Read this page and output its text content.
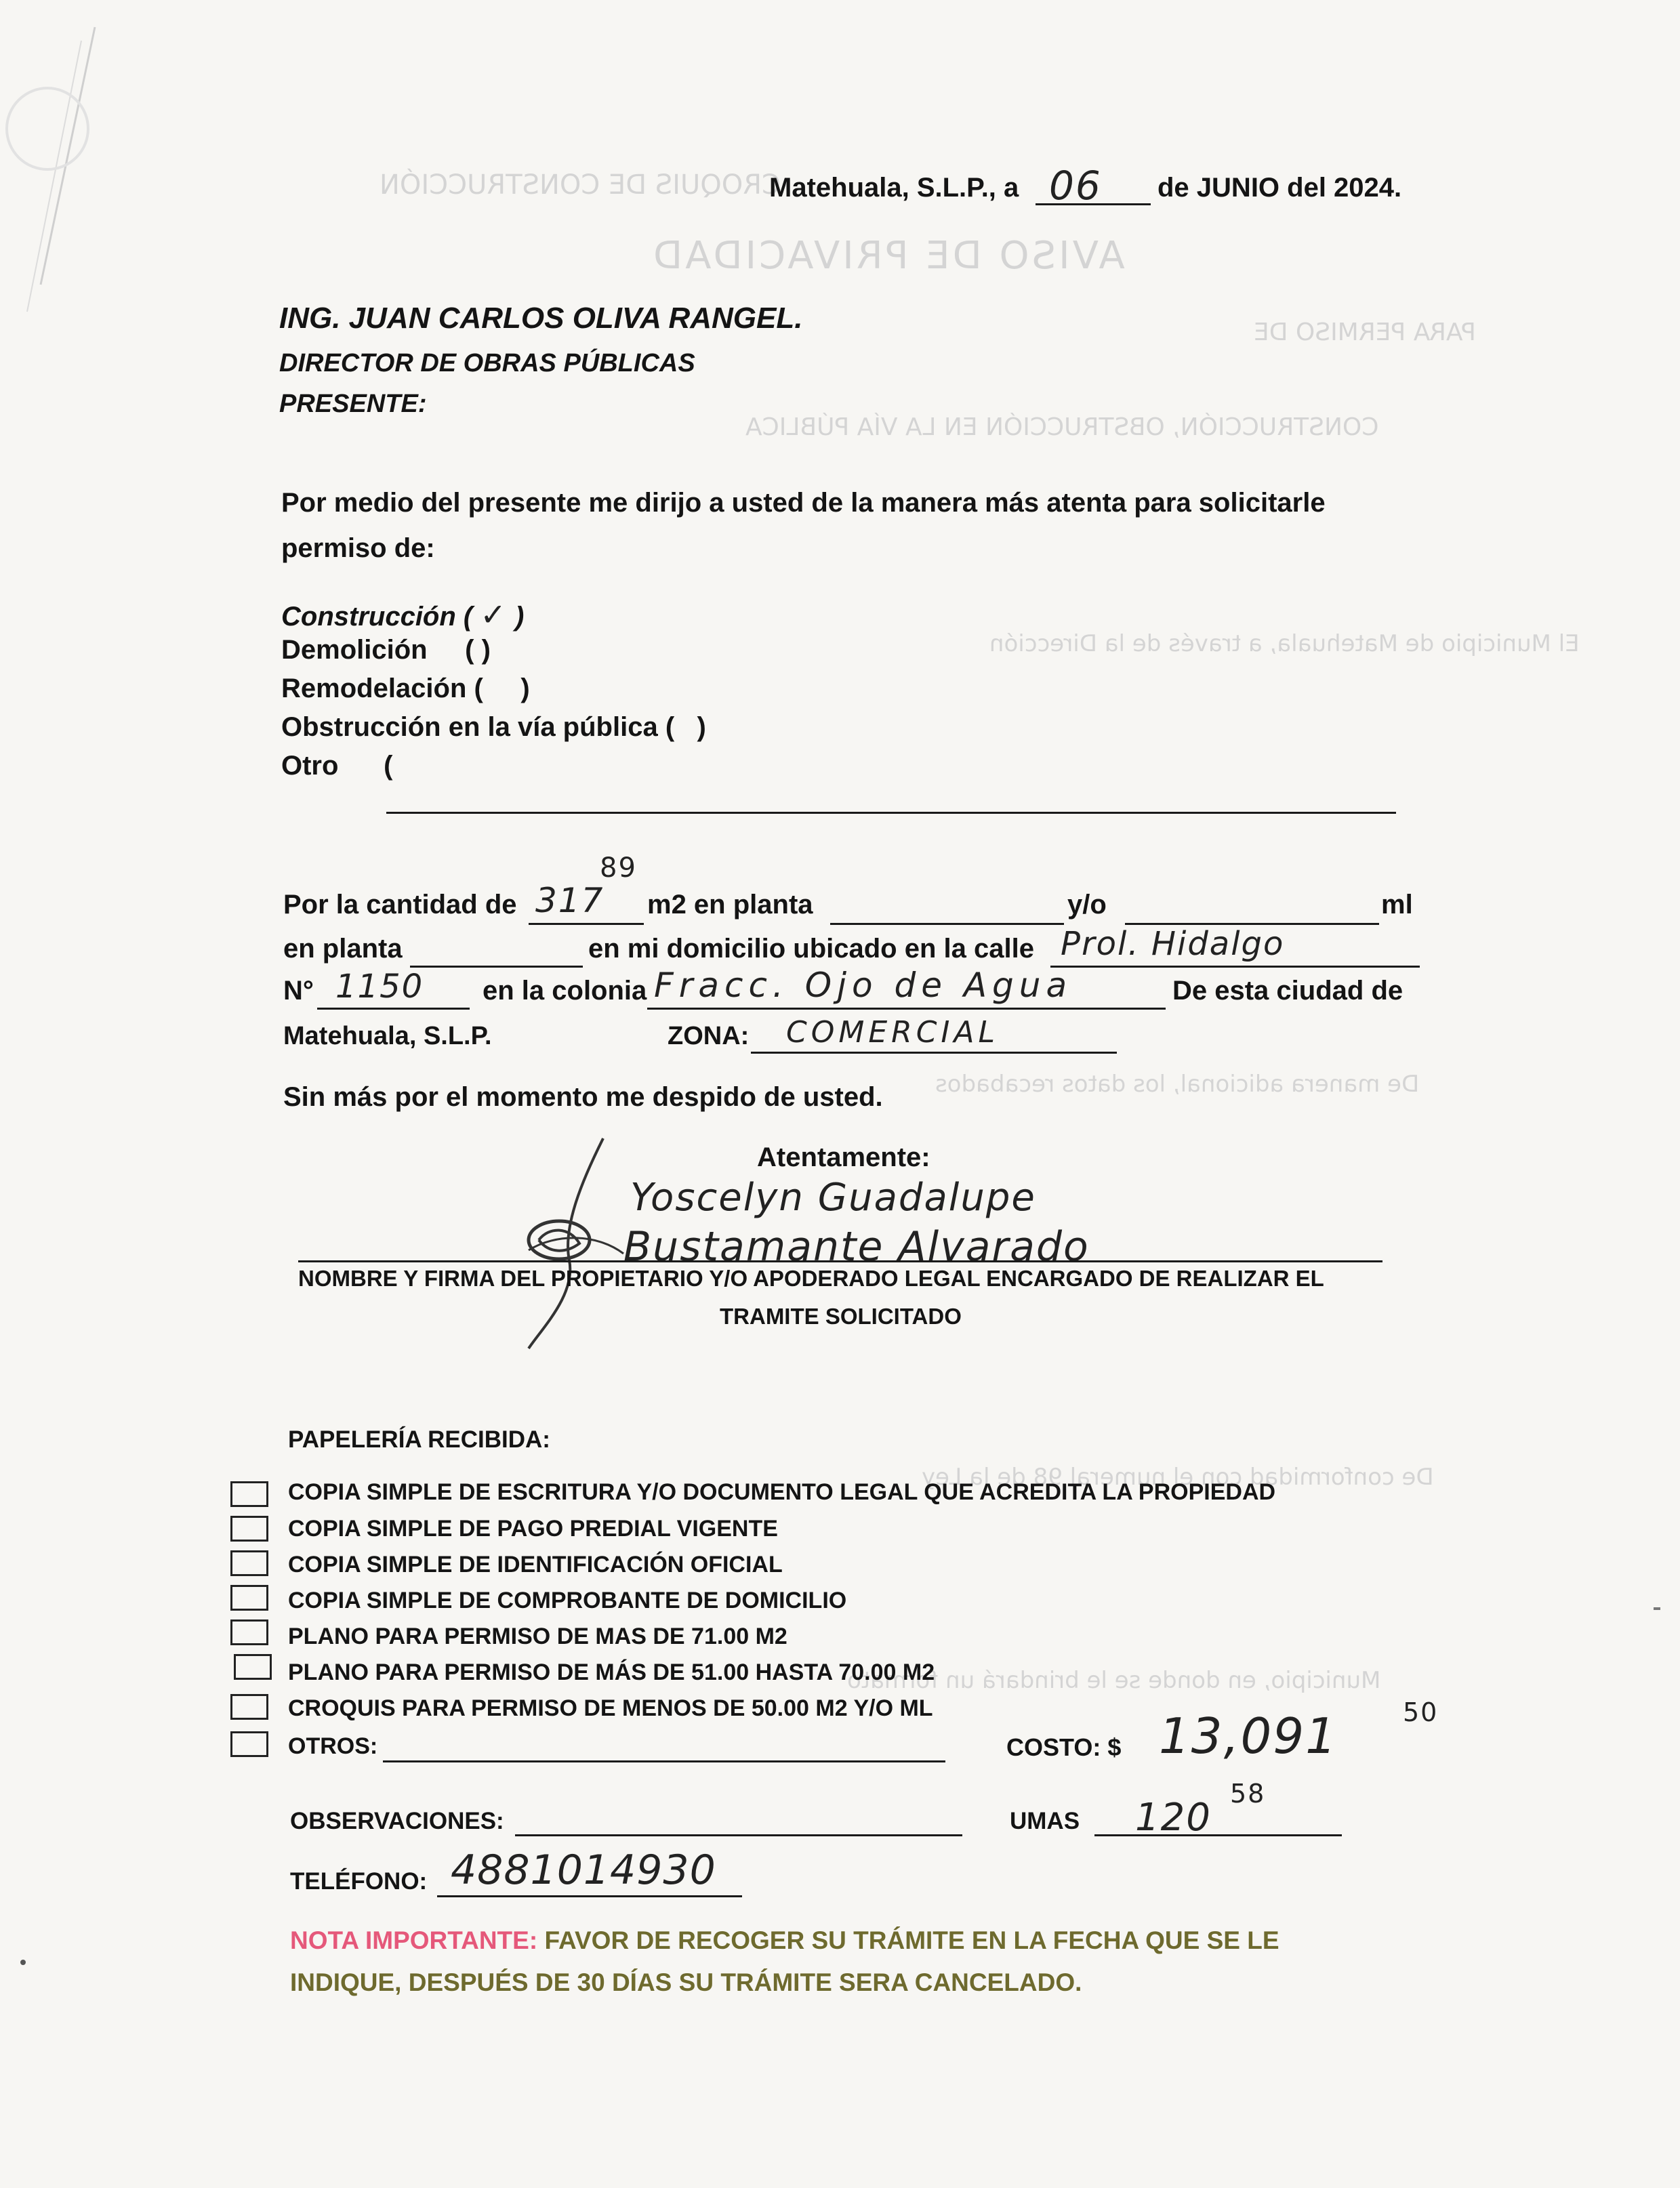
CROQUIS DE CONSTRUCCIÓN
AVISO DE PRIVACIDAD
PARA PERMISO DE
CONSTRUCCIÓN, OBSTRUCCIÓN EN LA VÍA PÚBLICA
El Municipio de Matehuala, a través de la Dirección
De manera adicional, los datos recabados
De conformidad con el numeral 98 de la Ley
Municipio, en donde se le brindará un formato
Matehuala, S.L.P., a 06 de JUNIO del 2024.
ING. JUAN CARLOS OLIVA RANGEL.
DIRECTOR DE OBRAS PÚBLICAS
PRESENTE:
Por medio del presente me dirijo a usted de la manera más atenta para solicitarle
permiso de:
Construcción ( ✓ )
Demolición ( )
Remodelación ( )
Obstrucción en la vía pública ( )
Otro (
Por la cantidad de 317
89
m2 en planta	y/o	ml
en planta	en mi domicilio ubicado en la calle Prol. Hidalgo
N° 1150 en la colonia Fracc. Ojo de Agua	De esta ciudad de
Matehuala, S.L.P.	ZONA: COMERCIAL
Sin más por el momento me despido de usted.
Atentamente:
Yoscelyn Guadalupe
Bustamante Alvarado
NOMBRE Y FIRMA DEL PROPIETARIO Y/O APODERADO LEGAL ENCARGADO DE REALIZAR EL
TRAMITE SOLICITADO
PAPELERÍA RECIBIDA:
COPIA SIMPLE DE ESCRITURA Y/O DOCUMENTO LEGAL QUE ACREDITA LA PROPIEDAD
COPIA SIMPLE DE PAGO PREDIAL VIGENTE
COPIA SIMPLE DE IDENTIFICACIÓN OFICIAL
COPIA SIMPLE DE COMPROBANTE DE DOMICILIO
PLANO PARA PERMISO DE MAS DE 71.00 M2
PLANO PARA PERMISO DE MÁS DE 51.00 HASTA 70.00 M2
CROQUIS PARA PERMISO DE MENOS DE 50.00 M2 Y/O ML
OTROS:	COSTO: $ 13,091	50
OBSERVACIONES:	UMAS 120
58
TELÉFONO: 4881014930
NOTA IMPORTANTE: FAVOR DE RECOGER SU TRÁMITE EN LA FECHA QUE SE LE
INDIQUE, DESPUÉS DE 30 DÍAS SU TRÁMITE SERA CANCELADO.
